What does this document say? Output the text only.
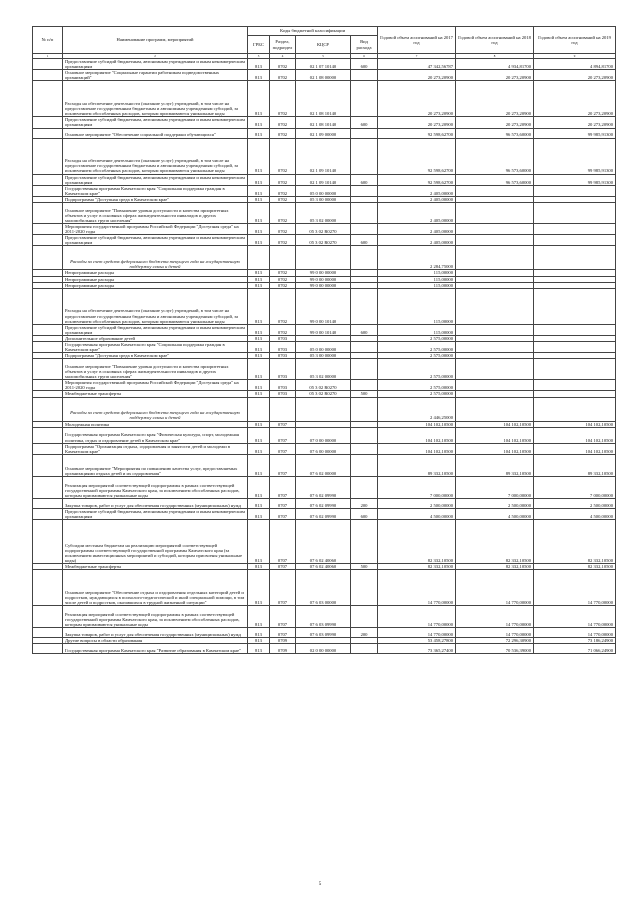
№ п/п	Наименование программ, мероприятий	Коды бюджетной классификации				Годовой объем ассигнований на 2017 год	Годовой объем ассигнований на 2018 год	Годовой объем ассигнований на 2019 год
		ГРБС	Раздел, подраздел	КЦСР	Вид расхода			
1	2	3	4	5	6	7	8	9
	Предоставление субсидий бюджетным, автономным учреждениям и иным некоммерческим организациям	813	0702	02 1 07 10140	600	47 342,56787	4 934,81700	4 894,81700
	Основное мероприятие "Социальные гарантии работникам подведомственных организаций"	813	0702	02 1 08 00000		20 273,20900	20 273,20900	20 273,20900
	Расходы на обеспечение деятельности (оказание услуг) учреждений, в том числе на предоставление государственным бюджетным и автономным учреждениям субсидий, за исключением обособленных расходов, которым присваиваются уникальные коды	813	0702	02 1 08 10140		20 273,20900	20 273,20900	20 273,20900
	Предоставление субсидий бюджетным, автономным учреждениям и иным некоммерческим организациям	813	0702	02 1 08 10140	600	20 273,20900	20 273,20900	20 273,20900
	Основное мероприятие "Обеспечение социальной поддержки обучающихся"	813	0702	02 1 09 00000		92 598,62700	96 573,60000	99 985,91300
	Расходы на обеспечение деятельности (оказание услуг) учреждений, в том числе на предоставление государственным бюджетным и автономным учреждениям субсидий, за исключением обособленных расходов, которым присваиваются уникальные коды	813	0702	02 1 09 10140		92 598,62700	96 573,60000	99 985,91300
	Предоставление субсидий бюджетным, автономным учреждениям и иным некоммерческим организациям	813	0702	02 1 09 10140	600	92 598,62700	96 573,60000	99 985,91300
	Государственная программа Камчатского края "Социальная поддержка граждан в Камчатском крае"	813	0702	05 0 00 00000		2 405,00000		
	Подпрограмма "Доступная среда в Камчатском крае"	813	0702	05 3 00 00000		2 405,00000		
	Основное мероприятие "Повышение уровня доступности и качества приоритетных объектов и услуг в основных сферах жизнедеятельности инвалидов и других маломобильных групп населения"	813	0702	05 3 02 00000		2 405,00000		
	Мероприятия государственной программы Российской Федерации "Доступная среда" на 2011-2020 годы	813	0702	05 3 02 R0270		2 405,00000		
	Предоставление субсидий бюджетным, автономным учреждениям и иным некоммерческим организациям	813	0702	05 3 02 R0270	600	2 405,00000		
	Расходы за счет средств федерального бюджета текущего года на государственную поддержку семьи и детей					2 284,75000		
	Непрограммные расходы	813	0702	99 0 00 00000		115,00000		
	Непрограммные расходы	813	0702	99 0 00 00000		115,00000		
	Непрограммные расходы	813	0702	99 0 00 00000		115,00000		
	Расходы на обеспечение деятельности (оказание услуг) учреждений, в том числе на предоставление государственным бюджетным и автономным учреждениям субсидий, за исключением обособленных расходов, которым присваиваются уникальные коды	813	0702	99 0 00 10140		115,00000		
	Предоставление субсидий бюджетным, автономным учреждениям и иным некоммерческим организациям	813	0702	99 0 00 10140	600	115,00000		
	Дополнительное образование детей	813	0703			2 575,00000		
	Государственная программа Камчатского края "Социальная поддержка граждан в Камчатском крае"	813	0703	05 0 00 00000		2 575,00000		
	Подпрограмма "Доступная среда в Камчатском крае"	813	0703	05 3 00 00000		2 575,00000		
	Основное мероприятие "Повышение уровня доступности и качества приоритетных объектов и услуг в основных сферах жизнедеятельности инвалидов и других маломобильных групп населения"	813	0703	05 3 02 00000		2 575,00000		
	Мероприятия государственной программы Российской Федерации "Доступная среда" на 2011-2020 годы	813	0703	05 3 02 R0270		2 575,00000		
	Межбюджетные трансферты	813	0703	05 3 02 R0270	500	2 575,00000		
	Расходы за счет средств федерального бюджета текущего года на государственную поддержку семьи и детей					2 446,25000		
	Молодежная политика	813	0707			104 102,10500	104 102,10500	104 102,10500
	Государственная программа Камчатского края "Физическая культура, спорт, молодежная политика, отдых и оздоровление детей в Камчатском крае"	813	0707	07 0 00 00000		104 102,10500	104 102,10500	104 102,10500
	Подпрограмма "Организация отдыха, оздоровления и занятости детей и молодежи в Камчатском крае"	813	0707	07 6 00 00000		104 102,10500	104 102,10500	104 102,10500
	Основное мероприятие "Мероприятия по повышению качества услуг, предоставляемых организациями отдыха детей и их оздоровления"	813	0707	07 6 02 00000		89 332,10500	89 332,10500	89 332,10500
	Реализация мероприятий соответствующей подпрограммы в рамках соответствующей государственной программы Камчатского края, за исключением обособленных расходов, которым присваиваются уникальные коды	813	0707	07 6 02 09990		7 000,00000	7 000,00000	7 000,00000
	Закупка товаров, работ и услуг для обеспечения государственных (муниципальных) нужд	813	0707	07 6 02 09990	200	2 500,00000	2 500,00000	2 500,00000
	Предоставление субсидий бюджетным, автономным учреждениям и иным некоммерческим организациям	813	0707	07 6 02 09990	600	4 500,00000	4 500,00000	4 500,00000
	Субсидии местным бюджетам на реализацию мероприятий соответствующей подпрограммы соответствующей государственной программы Камчатского края (за исключением инвестиционных мероприятий и субсидий, которым присвоены уникальные коды)	813	0707	07 6 02 40060		82 332,10500	82 332,10500	82 332,10500
	Межбюджетные трансферты	813	0707	07 6 02 40060	500	82 332,10500	82 332,10500	82 332,10500
	Основное мероприятие "Обеспечение отдыха и оздоровления отдельных категорий детей и подростков, нуждающихся в психолого-педагогической и иной специальной помощи, в том числе детей и подростков, оказавшихся в трудной жизненной ситуации"	813	0707	07 6 03 00000		14 770,00000	14 770,00000	14 770,00000
	Реализация мероприятий соответствующей подпрограммы в рамках соответствующей государственной программы Камчатского края, за исключением обособленных расходов, которым присваиваются уникальные коды	813	0707	07 6 03 09990		14 770,00000	14 770,00000	14 770,00000
	Закупка товаров, работ и услуг для обеспечения государственных (муниципальных) нужд	813	0707	07 6 03 09990	200	14 770,00000	14 770,00000	14 770,00000
	Другие вопросы в области образования	813	0709			53 458,27800	72 296,30900	73 186,24900
	Государственная программа Камчатского края "Развитие образования в Камчатском крае"	813	0709	02 0 00 00000		73 365,27400	70 536,39000	71 066,24900
5
